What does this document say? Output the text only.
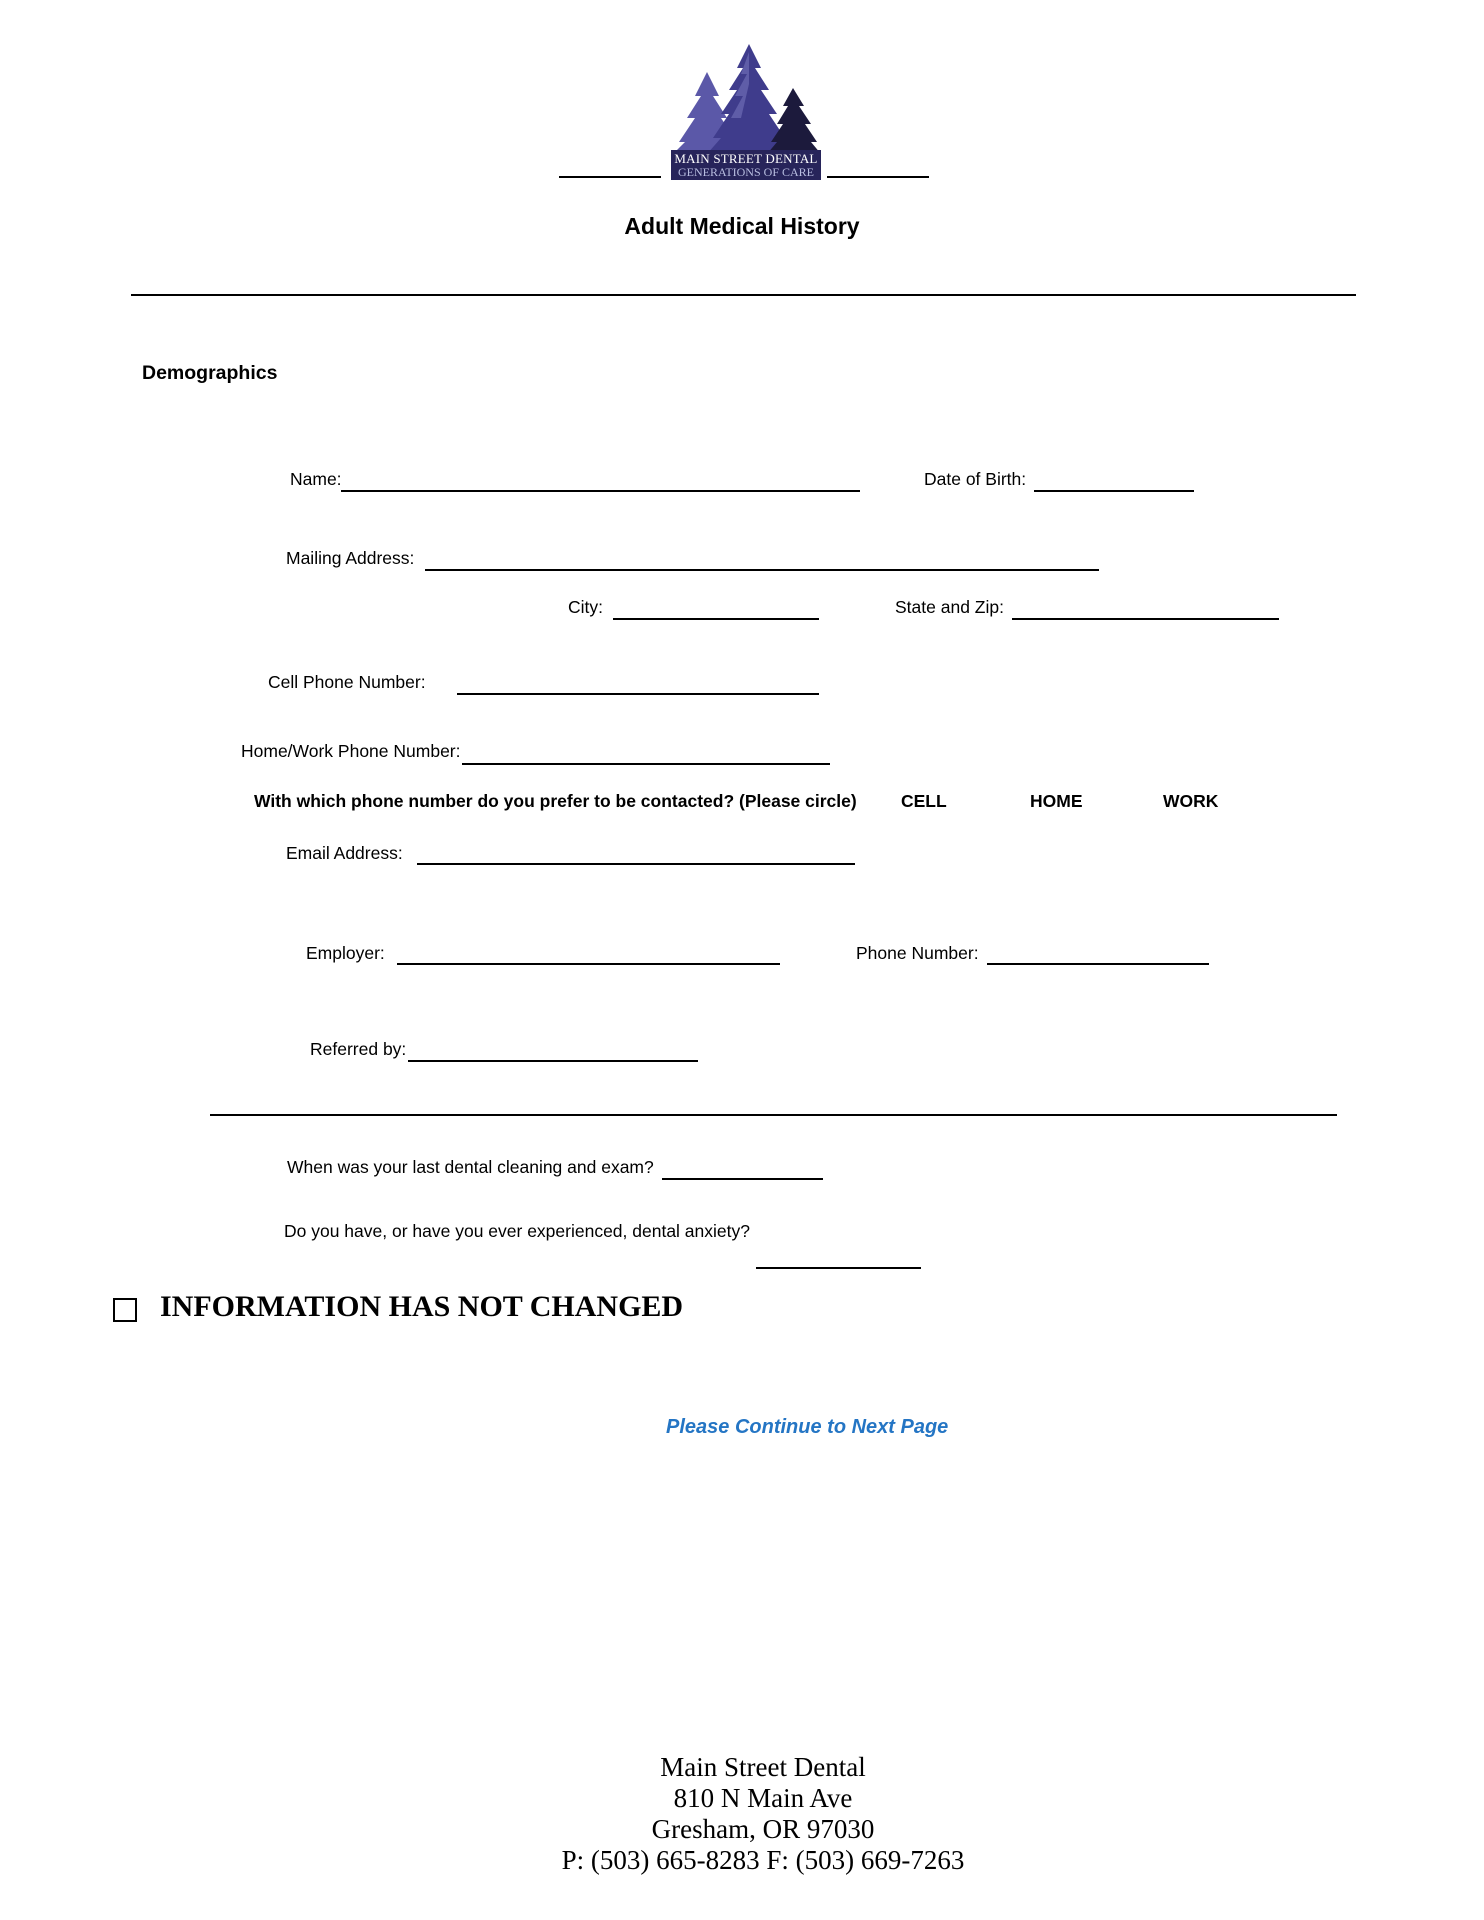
MAIN STREET DENTAL
GENERATIONS OF CARE
Adult Medical History
Demographics
Name:	Date of Birth:
Mailing Address:
City:	State and Zip:
Cell Phone Number:
Home/Work Phone Number:
With which phone number do you prefer to be contacted? (Please circle)	CELL	HOME	WORK
Email Address:
Employer:	Phone Number:
Referred by:
When was your last dental cleaning and exam?
Do you have, or have you ever experienced, dental anxiety?
INFORMATION HAS NOT CHANGED
Please Continue to Next Page
Main Street Dental
810 N Main Ave
Gresham, OR 97030
P: (503) 665-8283 F: (503) 669-7263
